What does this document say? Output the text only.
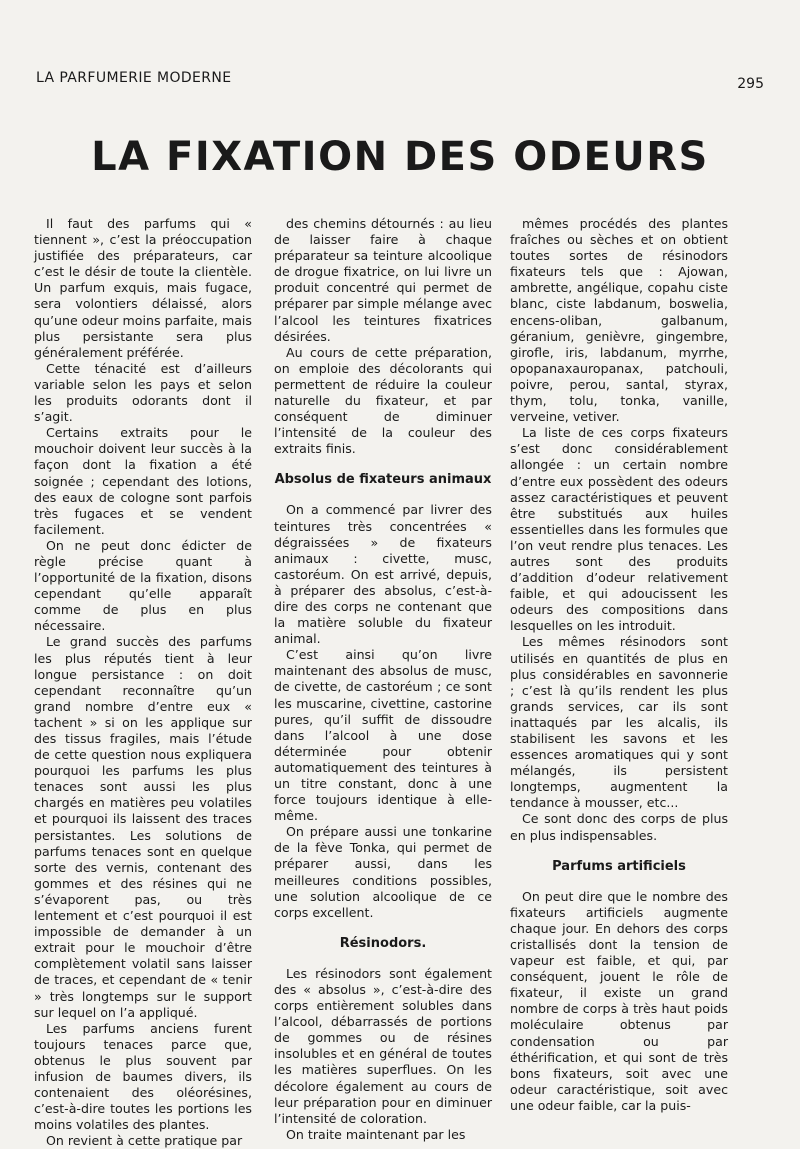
LA PARFUMERIE MODERNE	295
LA FIXATION DES ODEURS

Il faut des parfums qui « tiennent », c’est la préoccupation justifiée des préparateurs, car c’est le désir de toute la clientèle. Un parfum exquis, mais fugace, sera volontiers délaissé, alors qu’une odeur moins parfaite, mais plus persistante sera plus généralement préférée.

Cette ténacité est d’ailleurs variable selon les pays et selon les produits odorants dont il s’agit.

Certains extraits pour le mouchoir doivent leur succès à la façon dont la fixation a été soignée ; cependant des lotions, des eaux de cologne sont parfois très fugaces et se vendent facilement.

On ne peut donc édicter de règle précise quant à l’opportunité de la fixation, disons cependant qu’elle apparaît comme de plus en plus nécessaire.

Le grand succès des parfums les plus réputés tient à leur longue persistance : on doit cependant reconnaître qu’un grand nombre d’entre eux « tachent » si on les applique sur des tissus fragiles, mais l’étude de cette question nous expliquera pourquoi les parfums les plus tenaces sont aussi les plus chargés en matières peu volatiles et pourquoi ils laissent des traces persistantes. Les solutions de parfums tenaces sont en quelque sorte des vernis, contenant des gommes et des résines qui ne s’évaporent pas, ou très lentement et c’est pourquoi il est impossible de demander à un extrait pour le mouchoir d’être complètement volatil sans laisser de traces, et cependant de « tenir » très longtemps sur le support sur lequel on l’a appliqué.

Les parfums anciens furent toujours tenaces parce que, obtenus le plus souvent par infusion de baumes divers, ils contenaient des oléorésines, c’est-à-dire toutes les portions les moins volatiles des plantes.

On revient à cette pratique par

des chemins détournés : au lieu de laisser faire à chaque préparateur sa teinture alcoolique de drogue fixatrice, on lui livre un produit concentré qui permet de préparer par simple mélange avec l’alcool les teintures fixatrices désirées.

Au cours de cette préparation, on emploie des décolorants qui permettent de réduire la couleur naturelle du fixateur, et par conséquent de diminuer l’intensité de la couleur des extraits finis.

Absolus de fixateurs animaux

On a commencé par livrer des teintures très concentrées « dégraissées » de fixateurs animaux : civette, musc, castoréum. On est arrivé, depuis, à préparer des absolus, c’est-à-dire des corps ne contenant que la matière soluble du fixateur animal.

C’est ainsi qu’on livre maintenant des absolus de musc, de civette, de castoréum ; ce sont les muscarine, civettine, castorine pures, qu’il suffit de dissoudre dans l’alcool à une dose déterminée pour obtenir automatiquement des teintures à un titre constant, donc à une force toujours identique à elle-même.

On prépare aussi une tonkarine de la fève Tonka, qui permet de préparer aussi, dans les meilleures conditions possibles, une solution alcoolique de ce corps excellent.

Résinodors.

Les résinodors sont également des « absolus », c’est-à-dire des corps entièrement solubles dans l’alcool, débarrassés de portions de gommes ou de résines insolubles et en général de toutes les matières superflues. On les décolore également au cours de leur préparation pour en diminuer l’intensité de coloration.

On traite maintenant par les

mêmes procédés des plantes fraîches ou sèches et on obtient toutes sortes de résinodors fixateurs tels que : Ajowan, ambrette, angélique, copahu ciste blanc, ciste labdanum, boswelia, encens-oliban, galbanum, géranium, genièvre, gingembre, girofle, iris, labdanum, myrrhe, opopanaxauropanax, patchouli, poivre, perou, santal, styrax, thym, tolu, tonka, vanille, verveine, vetiver.

La liste de ces corps fixateurs s’est donc considérablement allongée : un certain nombre d’entre eux possèdent des odeurs assez caractéristiques et peuvent être substitués aux huiles essentielles dans les formules que l’on veut rendre plus tenaces. Les autres sont des produits d’addition d’odeur relativement faible, et qui adoucissent les odeurs des compositions dans lesquelles on les introduit.

Les mêmes résinodors sont utilisés en quantités de plus en plus considérables en savonnerie ; c’est là qu’ils rendent les plus grands services, car ils sont inattaqués par les alcalis, ils stabilisent les savons et les essences aromatiques qui y sont mélangés, ils persistent longtemps, augmentent la tendance à mousser, etc...

Ce sont donc des corps de plus en plus indispensables.

Parfums artificiels

On peut dire que le nombre des fixateurs artificiels augmente chaque jour. En dehors des corps cristallisés dont la tension de vapeur est faible, et qui, par conséquent, jouent le rôle de fixateur, il existe un grand nombre de corps à très haut poids moléculaire obtenus par condensation ou par éthérification, et qui sont de très bons fixateurs, soit avec une odeur caractéristique, soit avec une odeur faible, car la puis-
